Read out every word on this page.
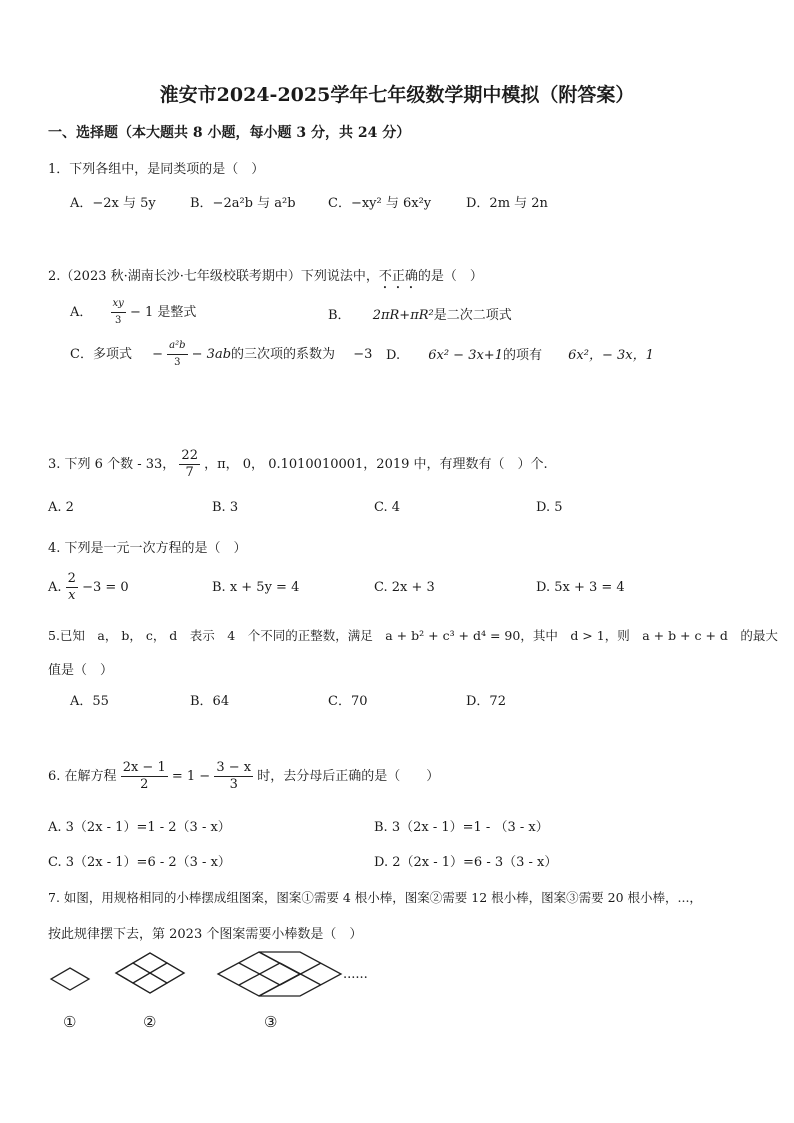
淮安市2024-2025学年七年级数学期中模拟（附答案）
一、选择题（本大题共 8 小题，每小题 3 分，共 24 分）
1．下列各组中，是同类项的是（　）
A．−2x 与 5y	B．−2a²b 与 a²b C．−xy² 与 6x²y	D．2m 与 2n
2.（2023 秋·湖南长沙·七年级校联考期中）下列说法中，不正确的是（　）
A． $\frac{xy}{3} - 1$ 是整式	B． 2πR+πR²是二次二项式
C．多项式 − $\frac{\text{a²b}}{3} - 3ab$的三次项的系数为 −3 D. 6x² − 3x+1的项有 6x²，− 3x，1
3. 下列 6 个数 - 33， $\frac{22}{7}$ ，π， 0， 0.1010010001，2019 中，有理数有（　）个.
A. 2	B. 3	C. 4	D. 5
4. 下列是一元一次方程的是（　）
A. $\frac{2}{x} -3 = 0$	B. x + 5y = 4	C. 2x + 3	D. 5x + 3 = 4
5.已知　a， b， c， d　表示　4　个不同的正整数，满足　a + b² + c³ + d⁴ = 90，其中　d > 1，则　a + b + c + d　的最大
值是（　）
A．55	B．64	C．70	D．72
6. 在解方程 $\frac{2x - 1}{2} = 1 - \frac{3 - x}{3}$ 时，去分母后正确的是（　　）
A. 3（2x - 1）=1 - 2（3 - x）	B. 3（2x - 1）=1 - （3 - x）
C. 3（2x - 1）=6 - 2（3 - x）	D. 2（2x - 1）=6 - 3（3 - x）
7. 如图，用规格相同的小棒摆成组图案，图案①需要 4 根小棒，图案②需要 12 根小棒，图案③需要 20 根小棒，...，
按此规律摆下去，第 2023 个图案需要小棒数是（　）
......
①	②	③
